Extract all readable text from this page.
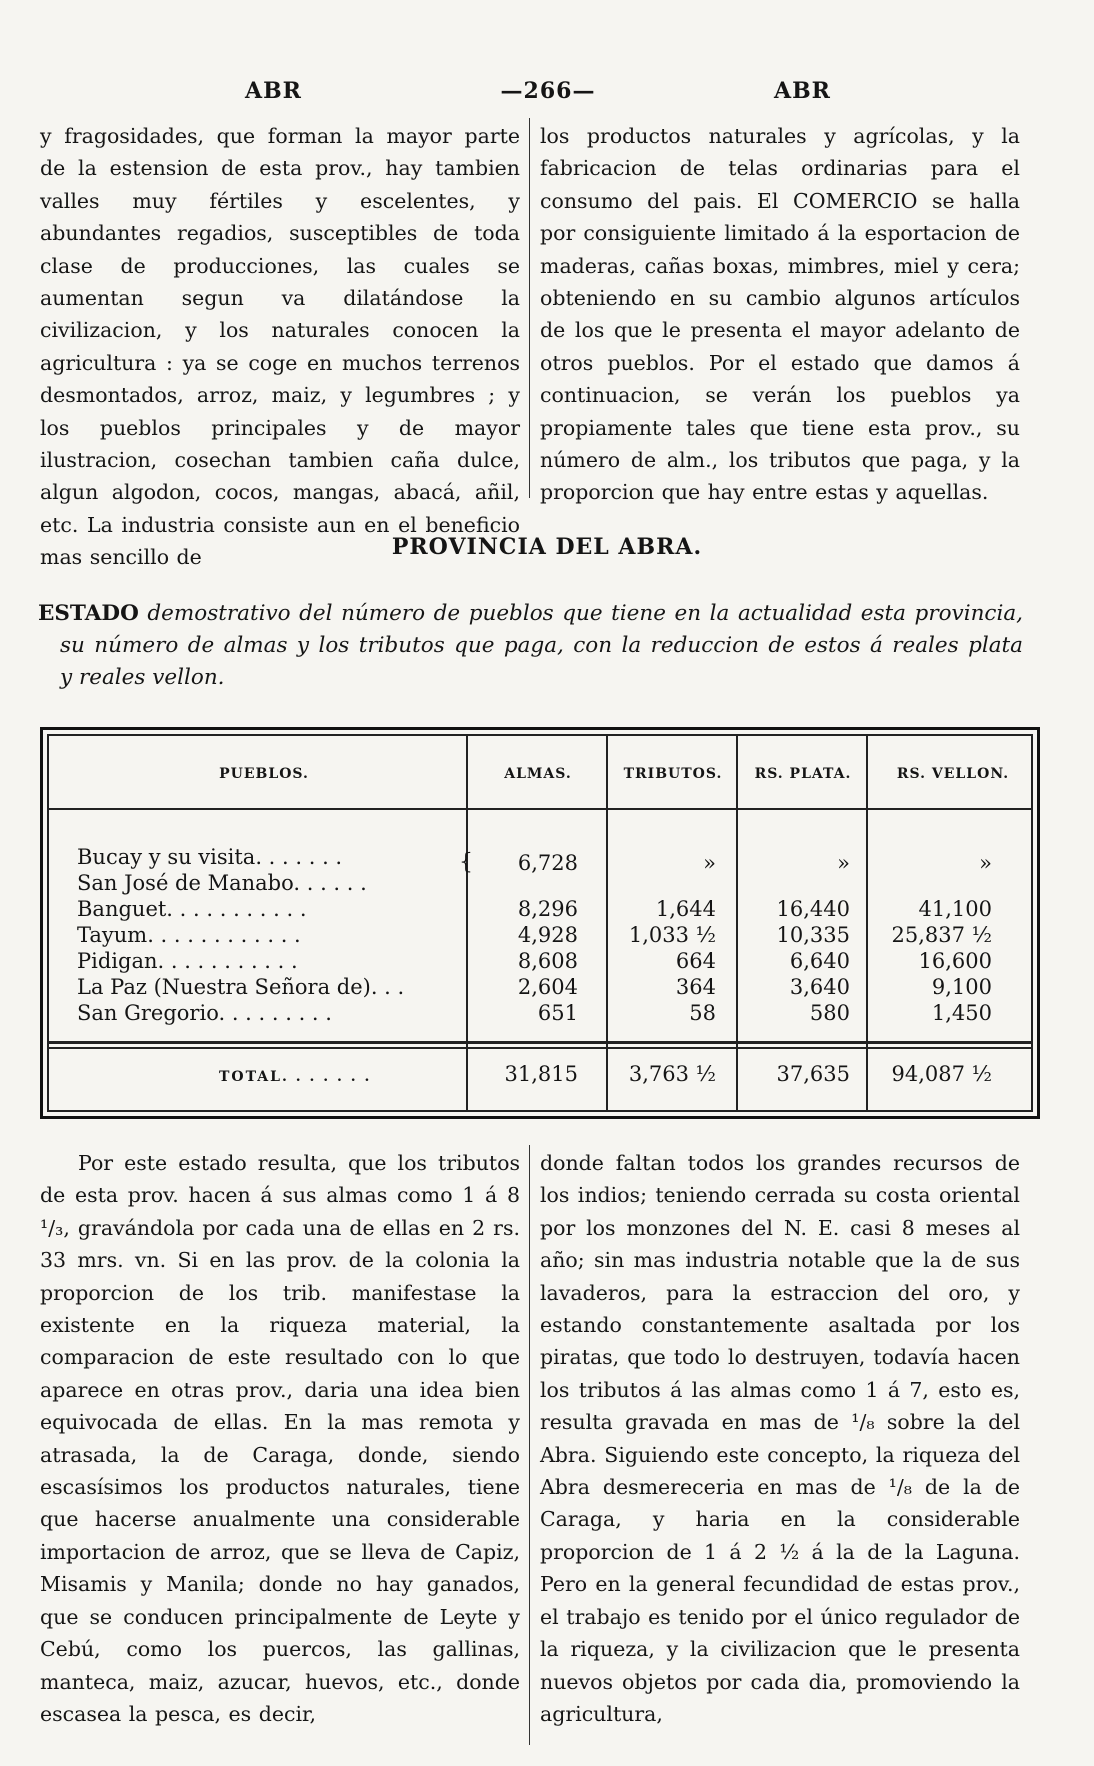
ABR	—266—	ABR

y fragosidades, que forman la mayor parte de la estension de esta prov., hay tambien valles muy fértiles y escelentes, y abundantes regadios, susceptibles de toda clase de producciones, las cuales se aumentan segun va dilatándose la civilizacion, y los naturales conocen la agricultura : ya se coge en muchos terrenos desmontados, arroz, maiz, y legumbres ; y los pueblos principales y de mayor ilustracion, cosechan tambien caña dulce, algun algodon, cocos, mangas, abacá, añil, etc. La industria consiste aun en el beneficio mas sencillo de

los productos naturales y agrícolas, y la fabricacion de telas ordinarias para el consumo del pais. El COMERCIO se halla por consiguiente limitado á la esportacion de maderas, cañas boxas, mimbres, miel y cera; obteniendo en su cambio algunos artículos de los que le presenta el mayor adelanto de otros pueblos. Por el estado que damos á continuacion, se verán los pueblos ya propiamente tales que tiene esta prov., su número de alm., los tributos que paga, y la proporcion que hay entre estas y aquellas.

PROVINCIA DEL ABRA.
ESTADO demostrativo del número de pueblos que tiene en la actualidad esta provincia,
su número de almas y los tributos que paga, con la reduccion de estos á reales plata
y reales vellon.
PUEBLOS.	ALMAS.	TRIBUTOS.	RS. PLATA.	RS. VELLON.
{
Bucay y su visita. . . . . . .	6,728	»	»	»
San José de Manabo. . . . . .
Banguet. . . . . . . . . . .	8,296	1,644	16,440	41,100
Tayum. . . . . . . . . . . .	4,928	1,033 ½	10,335	25,837 ½
Pidigan. . . . . . . . . . .	8,608	664	6,640	16,600
La Paz (Nuestra Señora de). . .	2,604	364	3,640	9,100
San Gregorio. . . . . . . . .	651	58	580	1,450
TOTAL. . . . . . .	31,815	3,763 ½	37,635	94,087 ½

Por este estado resulta, que los tributos de esta prov. hacen á sus almas como 1 á 8 ¹/₃, gravándola por cada una de ellas en 2 rs. 33 mrs. vn. Si en las prov. de la colonia la proporcion de los trib. manifestase la existente en la riqueza material, la comparacion de este resultado con lo que aparece en otras prov., daria una idea bien equivocada de ellas. En la mas remota y atrasada, la de Caraga, donde, siendo escasísimos los productos naturales, tiene que hacerse anualmente una considerable importacion de arroz, que se lleva de Capiz, Misamis y Manila; donde no hay ganados, que se conducen principalmente de Leyte y Cebú, como los puercos, las gallinas, manteca, maiz, azucar, huevos, etc., donde escasea la pesca, es decir,

donde faltan todos los grandes recursos de los indios; teniendo cerrada su costa oriental por los monzones del N. E. casi 8 meses al año; sin mas industria notable que la de sus lavaderos, para la estraccion del oro, y estando constantemente asaltada por los piratas, que todo lo destruyen, todavía hacen los tributos á las almas como 1 á 7, esto es, resulta gravada en mas de ¹/₈ sobre la del Abra. Siguiendo este concepto, la riqueza del Abra desmereceria en mas de ¹/₈ de la de Caraga, y haria en la considerable proporcion de 1 á 2 ½ á la de la Laguna. Pero en la general fecundidad de estas prov., el trabajo es tenido por el único regulador de la riqueza, y la civilizacion que le presenta nuevos objetos por cada dia, promoviendo la agricultura,
